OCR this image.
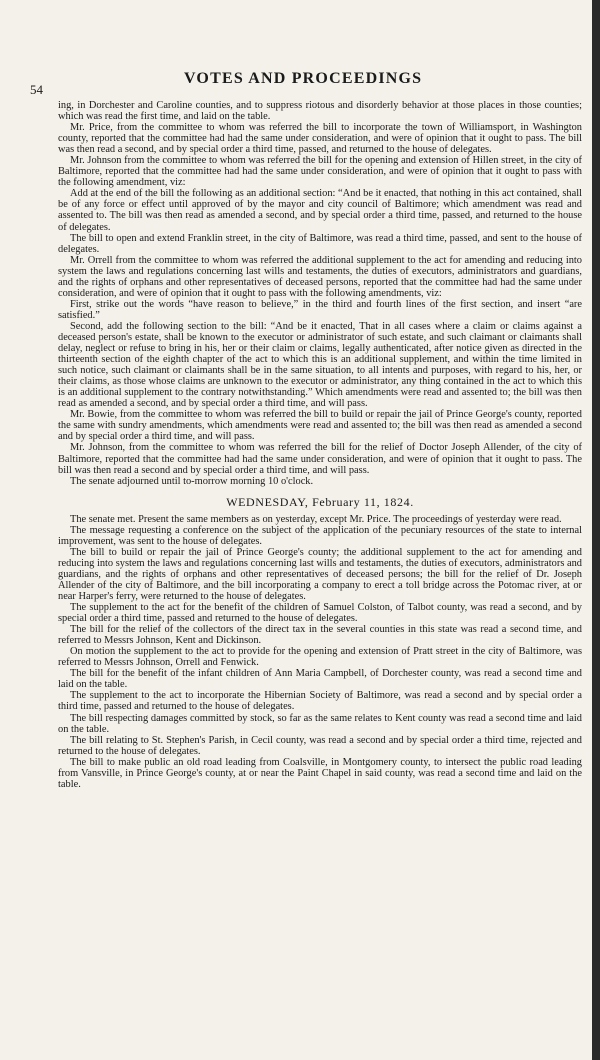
54
VOTES AND PROCEEDINGS

ing, in Dorchester and Caroline counties, and to suppress riotous and disorderly behavior at those places in those counties; which was read the first time, and laid on the table.

Mr. Price, from the committee to whom was referred the bill to incorporate the town of Williamsport, in Washington county, reported that the committee had had the same under consideration, and were of opinion that it ought to pass. The bill was then read a second, and by special order a third time, passed, and returned to the house of delegates.

Mr. Johnson from the committee to whom was referred the bill for the opening and extension of Hillen street, in the city of Baltimore, reported that the committee had had the same under consideration, and were of opinion that it ought to pass with the following amendment, viz:

Add at the end of the bill the following as an additional section: “And be it enacted, that nothing in this act contained, shall be of any force or effect until approved of by the mayor and city council of Baltimore; which amendment was read and assented to. The bill was then read as amended a second, and by special order a third time, passed, and returned to the house of delegates.

The bill to open and extend Franklin street, in the city of Baltimore, was read a third time, passed, and sent to the house of delegates.

Mr. Orrell from the committee to whom was referred the additional supplement to the act for amending and reducing into system the laws and regulations concerning last wills and testaments, the duties of executors, administrators and guardians, and the rights of orphans and other representatives of deceased persons, reported that the committee had had the same under consideration, and were of opinion that it ought to pass with the following amendments, viz:

First, strike out the words “have reason to believe,” in the third and fourth lines of the first section, and insert “are satisfied.”

Second, add the following section to the bill: “And be it enacted, That in all cases where a claim or claims against a deceased person's estate, shall be known to the executor or administrator of such estate, and such claimant or claimants shall delay, neglect or refuse to bring in his, her or their claim or claims, legally authenticated, after notice given as directed in the thirteenth section of the eighth chapter of the act to which this is an additional supplement, and within the time limited in such notice, such claimant or claimants shall be in the same situation, to all intents and purposes, with regard to his, her, or their claims, as those whose claims are unknown to the executor or administrator, any thing contained in the act to which this is an additional supplement to the contrary notwithstanding.” Which amendments were read and assented to; the bill was then read as amended a second, and by special order a third time, and will pass.

Mr. Bowie, from the committee to whom was referred the bill to build or repair the jail of Prince George's county, reported the same with sundry amendments, which amendments were read and assented to; the bill was then read as amended a second and by special order a third time, and will pass.

Mr. Johnson, from the committee to whom was referred the bill for the relief of Doctor Joseph Allender, of the city of Baltimore, reported that the committee had had the same under consideration, and were of opinion that it ought to pass. The bill was then read a second and by special order a third time, and will pass.

The senate adjourned until to-morrow morning 10 o'clock.

WEDNESDAY, February 11, 1824.

The senate met. Present the same members as on yesterday, except Mr. Price. The proceedings of yesterday were read.

The message requesting a conference on the subject of the application of the pecuniary resources of the state to internal improvement, was sent to the house of delegates.

The bill to build or repair the jail of Prince George's county; the additional supplement to the act for amending and reducing into system the laws and regulations concerning last wills and testaments, the duties of executors, administrators and guardians, and the rights of orphans and other representatives of deceased persons; the bill for the relief of Dr. Joseph Allender of the city of Baltimore, and the bill incorporating a company to erect a toll bridge across the Potomac river, at or near Harper's ferry, were returned to the house of delegates.

The supplement to the act for the benefit of the children of Samuel Colston, of Talbot county, was read a second, and by special order a third time, passed and returned to the house of delegates.

The bill for the relief of the collectors of the direct tax in the several counties in this state was read a second time, and referred to Messrs Johnson, Kent and Dickinson.

On motion the supplement to the act to provide for the opening and extension of Pratt street in the city of Baltimore, was referred to Messrs Johnson, Orrell and Fenwick.

The bill for the benefit of the infant children of Ann Maria Campbell, of Dorchester county, was read a second time and laid on the table.

The supplement to the act to incorporate the Hibernian Society of Baltimore, was read a second and by special order a third time, passed and returned to the house of delegates.

The bill respecting damages committed by stock, so far as the same relates to Kent county was read a second time and laid on the table.

The bill relating to St. Stephen's Parish, in Cecil county, was read a second and by special order a third time, rejected and returned to the house of delegates.

The bill to make public an old road leading from Coalsville, in Montgomery county, to intersect the public road leading from Vansville, in Prince George's county, at or near the Paint Chapel in said county, was read a second time and laid on the table.
